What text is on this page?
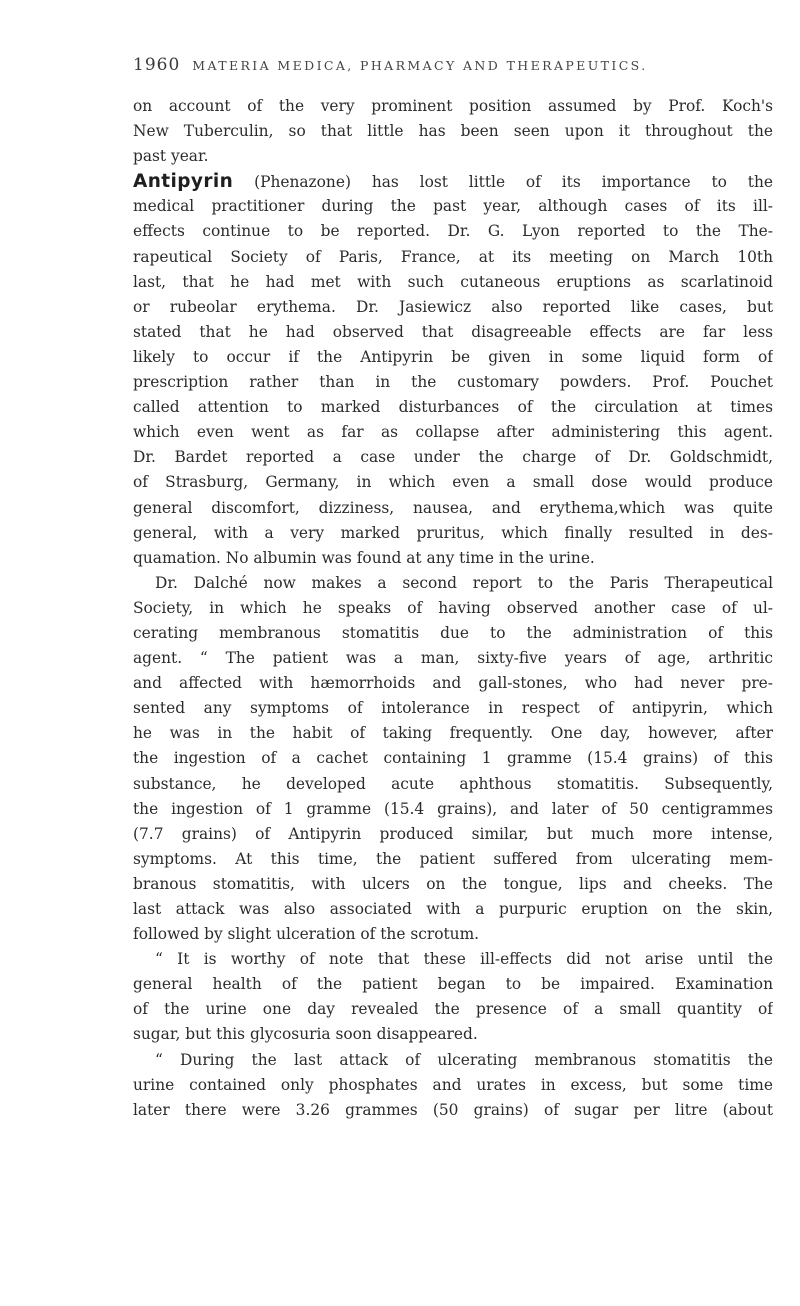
1960 MATERIA MEDICA, PHARMACY AND THERAPEUTICS.
on account of the very prominent position assumed by Prof. Koch's
New Tuberculin, so that little has been seen upon it throughout the
past year.
Antipyrin (Phenazone) has lost little of its importance to the
medical practitioner during the past year, although cases of its ill-
effects continue to be reported. Dr. G. Lyon reported to the The-
rapeutical Society of Paris, France, at its meeting on March 10th
last, that he had met with such cutaneous eruptions as scarlatinoid
or rubeolar erythema. Dr. Jasiewicz also reported like cases, but
stated that he had observed that disagreeable effects are far less
likely to occur if the Antipyrin be given in some liquid form of
prescription rather than in the customary powders. Prof. Pouchet
called attention to marked disturbances of the circulation at times
which even went as far as collapse after administering this agent.
Dr. Bardet reported a case under the charge of Dr. Goldschmidt,
of Strasburg, Germany, in which even a small dose would produce
general discomfort, dizziness, nausea, and erythema,which was quite
general, with a very marked pruritus, which finally resulted in des-
quamation. No albumin was found at any time in the urine.
Dr. Dalché now makes a second report to the Paris Therapeutical
Society, in which he speaks of having observed another case of ul-
cerating membranous stomatitis due to the administration of this
agent. “ The patient was a man, sixty-five years of age, arthritic
and affected with hæmorrhoids and gall-stones, who had never pre-
sented any symptoms of intolerance in respect of antipyrin, which
he was in the habit of taking frequently. One day, however, after
the ingestion of a cachet containing 1 gramme (15.4 grains) of this
substance, he developed acute aphthous stomatitis. Subsequently,
the ingestion of 1 gramme (15.4 grains), and later of 50 centigrammes
(7.7 grains) of Antipyrin produced similar, but much more intense,
symptoms. At this time, the patient suffered from ulcerating mem-
branous stomatitis, with ulcers on the tongue, lips and cheeks. The
last attack was also associated with a purpuric eruption on the skin,
followed by slight ulceration of the scrotum.
“ It is worthy of note that these ill-effects did not arise until the
general health of the patient began to be impaired. Examination
of the urine one day revealed the presence of a small quantity of
sugar, but this glycosuria soon disappeared.
“ During the last attack of ulcerating membranous stomatitis the
urine contained only phosphates and urates in excess, but some time
later there were 3.26 grammes (50 grains) of sugar per litre (about
